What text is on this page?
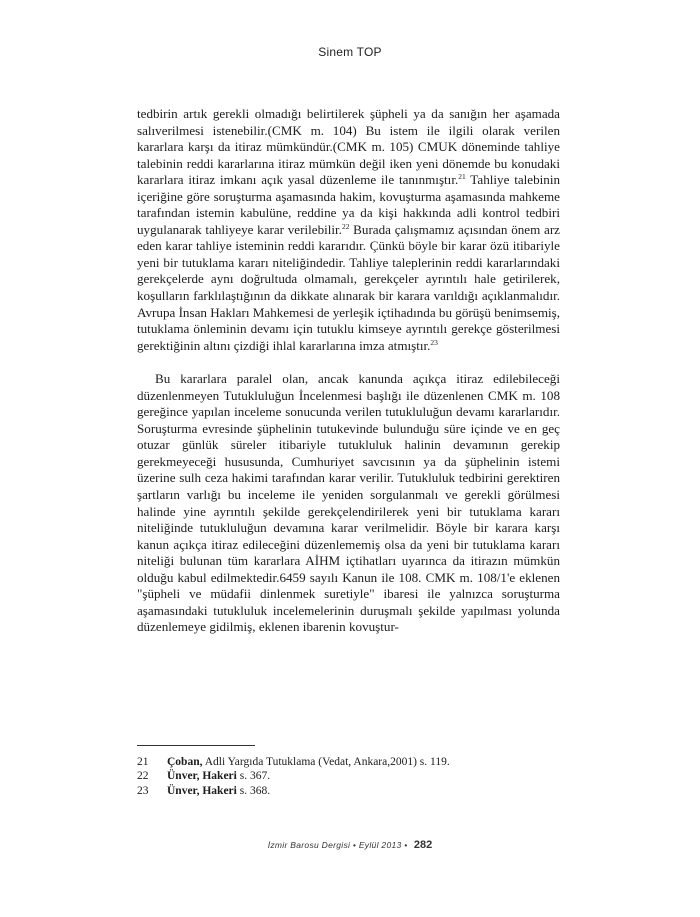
Sinem TOP

tedbirin artık gerekli olmadığı belirtilerek şüpheli ya da sanığın her aşamada salıverilmesi istenebilir.(CMK m. 104) Bu istem ile ilgili olarak verilen kararlara karşı da itiraz mümkündür.(CMK m. 105) CMUK döneminde tahliye talebinin reddi kararlarına itiraz mümkün değil iken yeni dönemde bu konudaki kararlara itiraz imkanı açık yasal düzenleme ile tanınmıştır.$^{21}$ Tahliye talebinin içeriğine göre soruşturma aşamasında hakim, kovuşturma aşamasında mahkeme tarafından istemin kabulüne, reddine ya da kişi hakkında adli kontrol tedbiri uygulanarak tahliyeye karar verilebilir.$^{22}$ Burada çalışmamız açısından önem arz eden karar tahliye isteminin reddi kararıdır. Çünkü böyle bir karar özü itibariyle yeni bir tutuklama kararı niteliğindedir. Tahliye taleplerinin reddi kararlarındaki gerekçelerde aynı doğrultuda olmamalı, gerekçeler ayrıntılı hale getirilerek, koşulların farklılaştığının da dikkate alınarak bir karara varıldığı açıklanmalıdır. Avrupa İnsan Hakları Mahkemesi de yerleşik içtihadında bu görüşü benimsemiş, tutuklama önleminin devamı için tutuklu kimseye ayrıntılı gerekçe gösterilmesi gerektiğinin altını çizdiği ihlal kararlarına imza atmıştır.$^{23}$

Bu kararlara paralel olan, ancak kanunda açıkça itiraz edilebileceği düzenlenmeyen Tutukluluğun İncelenmesi başlığı ile düzenlenen CMK m. 108 gereğince yapılan inceleme sonucunda verilen tutukluluğun devamı kararlarıdır. Soruşturma evresinde şüphelinin tutukevinde bulunduğu süre içinde ve en geç otuzar günlük süreler itibariyle tutukluluk halinin devamının gerekip gerekmeyeceği hususunda, Cumhuriyet savcısının ya da şüphelinin istemi üzerine sulh ceza hakimi tarafından karar verilir. Tutukluluk tedbirini gerektiren şartların varlığı bu inceleme ile yeniden sorgulanmalı ve gerekli görülmesi halinde yine ayrıntılı şekilde gerekçelendirilerek yeni bir tutuklama kararı niteliğinde tutukluluğun devamına karar verilmelidir. Böyle bir karara karşı kanun açıkça itiraz edileceğini düzenlememiş olsa da yeni bir tutuklama kararı niteliği bulunan tüm kararlara AİHM içtihatları uyarınca da itirazın mümkün olduğu kabul edilmektedir.6459 sayılı Kanun ile 108. CMK m. 108/1'e eklenen "şüpheli ve müdafii dinlenmek suretiyle" ibaresi ile yalnızca soruşturma aşamasındaki tutukluluk incelemelerinin duruşmalı şekilde yapılması yolunda düzenlemeye gidilmiş, eklenen ibarenin kovuştur-

21	Çoban, Adli Yargıda Tutuklama (Vedat, Ankara,2001) s. 119.
22	Ünver, Hakeri s. 367.
23	Ünver, Hakeri s. 368.
İzmir Barosu Dergisi • Eylül 2013 • 282
